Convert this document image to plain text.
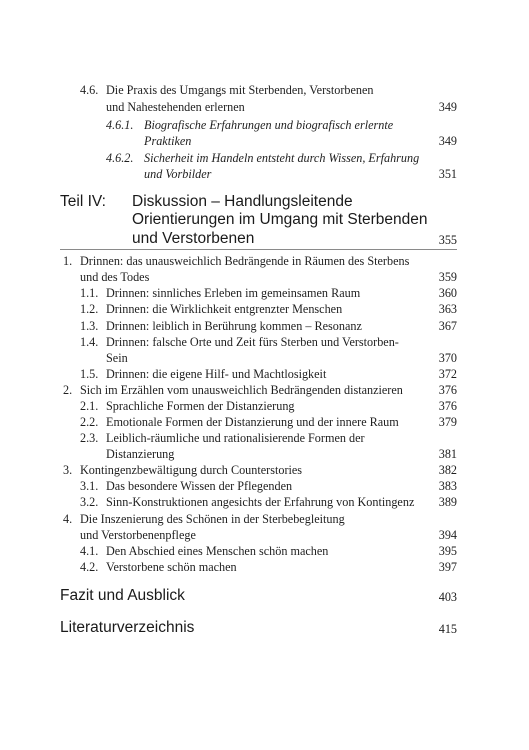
4.6. Die Praxis des Umgangs mit Sterbenden, Verstorbenen
und Nahestehenden erlernen	349
4.6.1. Biografische Erfahrungen und biografisch erlernte
Praktiken	349
4.6.2. Sicherheit im Handeln entsteht durch Wissen, Erfahrung
und Vorbilder	351
Teil IV: Diskussion – Handlungsleitende
Orientierungen im Umgang mit Sterbenden
und Verstorbenen	355
1. Drinnen: das unausweichlich Bedrängende in Räumen des Sterbens
und des Todes	359
1.1. Drinnen: sinnliches Erleben im gemeinsamen Raum	360
1.2. Drinnen: die Wirklichkeit entgrenzter Menschen	363
1.3. Drinnen: leiblich in Berührung kommen – Resonanz	367
1.4. Drinnen: falsche Orte und Zeit fürs Sterben und Verstorben-
Sein	370
1.5. Drinnen: die eigene Hilf- und Machtlosigkeit	372
2. Sich im Erzählen vom unausweichlich Bedrängenden distanzieren	376
2.1. Sprachliche Formen der Distanzierung	376
2.2. Emotionale Formen der Distanzierung und der innere Raum	379
2.3. Leiblich-räumliche und rationalisierende Formen der
Distanzierung	381
3. Kontingenzbewältigung durch Counterstories	382
3.1. Das besondere Wissen der Pflegenden	383
3.2. Sinn-Konstruktionen angesichts der Erfahrung von Kontingenz 389
4. Die Inszenierung des Schönen in der Sterbebegleitung
und Verstorbenenpflege	394
4.1. Den Abschied eines Menschen schön machen	395
4.2. Verstorbene schön machen	397
Fazit und Ausblick	403
Literaturverzeichnis	415
